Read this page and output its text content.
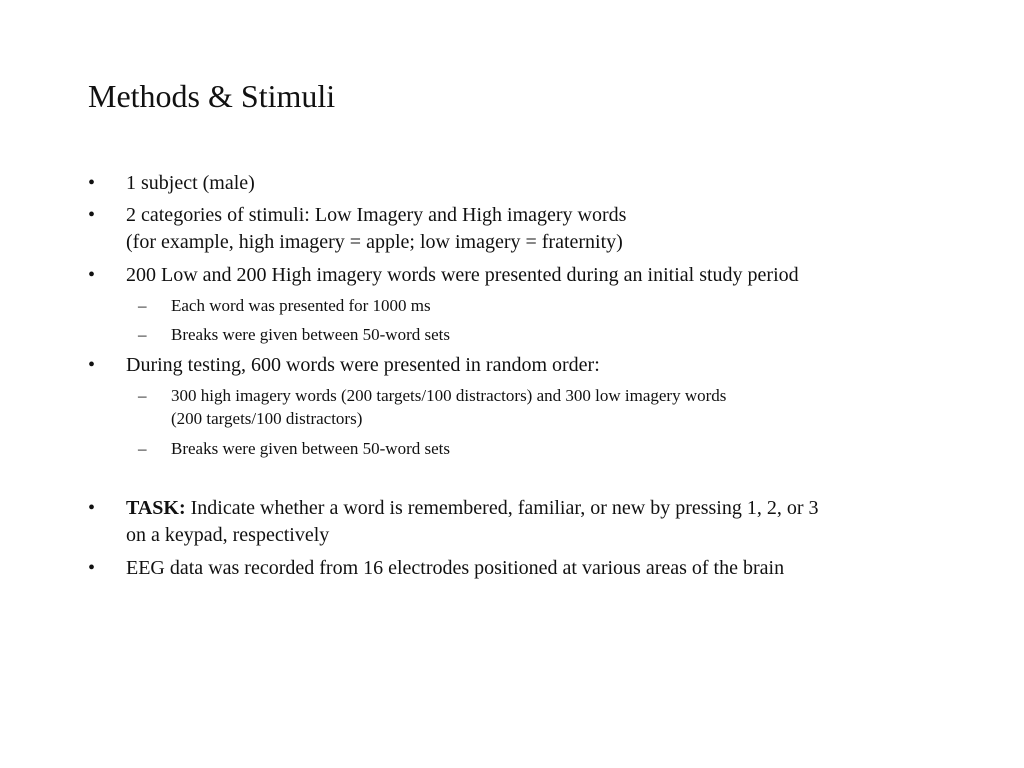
Methods & Stimuli
•	1 subject (male)
•	2 categories of stimuli: Low Imagery and High imagery words
(for example, high imagery = apple; low imagery = fraternity)
•	200 Low and 200 High imagery words were presented during an initial study period
– Each word was presented for 1000 ms
– Breaks were given between 50-word sets
•	During testing, 600 words were presented in random order:
– 300 high imagery words (200 targets/100 distractors) and 300 low imagery words
(200 targets/100 distractors)
– Breaks were given between 50-word sets
•	TASK: Indicate whether a word is remembered, familiar, or new by pressing 1, 2, or 3
on a keypad, respectively
•	EEG data was recorded from 16 electrodes positioned at various areas of the brain
